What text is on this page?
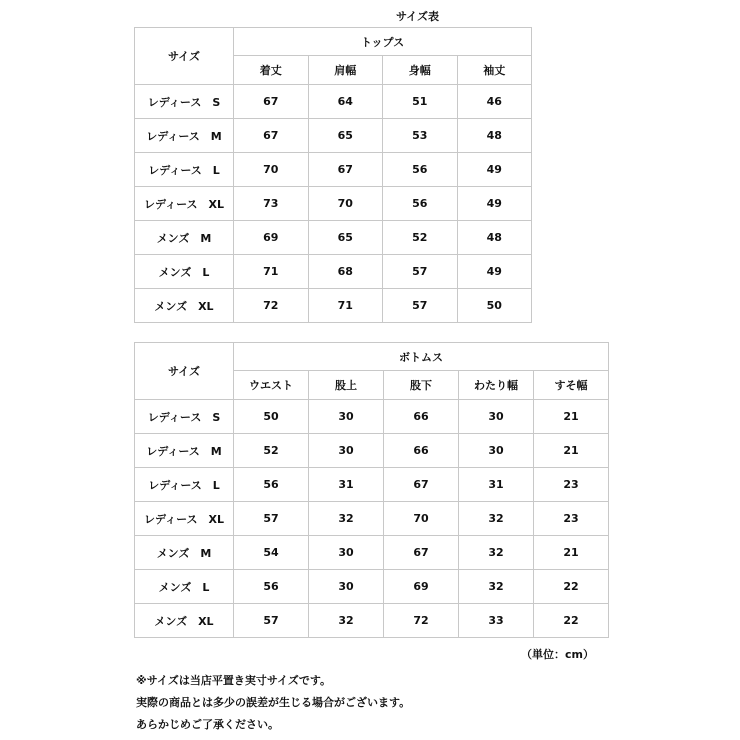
サイズ表
サイズ	トップス			
	着丈	肩幅	身幅	袖丈
レディース　S	67	64	51	46
レディース　M	67	65	53	48
レディース　L	70	67	56	49
レディース　XL	73	70	56	49
メンズ　M	69	65	52	48
メンズ　L	71	68	57	49
メンズ　XL	72	71	57	50
サイズ	ボトムス				
	ウエスト	股上	股下	わたり幅	すそ幅
レディース　S	50	30	66	30	21
レディース　M	52	30	66	30	21
レディース　L	56	31	67	31	23
レディース　XL	57	32	70	32	23
メンズ　M	54	30	67	32	21
メンズ　L	56	30	69	32	22
メンズ　XL	57	32	72	33	22
（単位：cm）
※サイズは当店平置き実寸サイズです。
実際の商品とは多少の誤差が生じる場合がございます。
あらかじめご了承ください。
